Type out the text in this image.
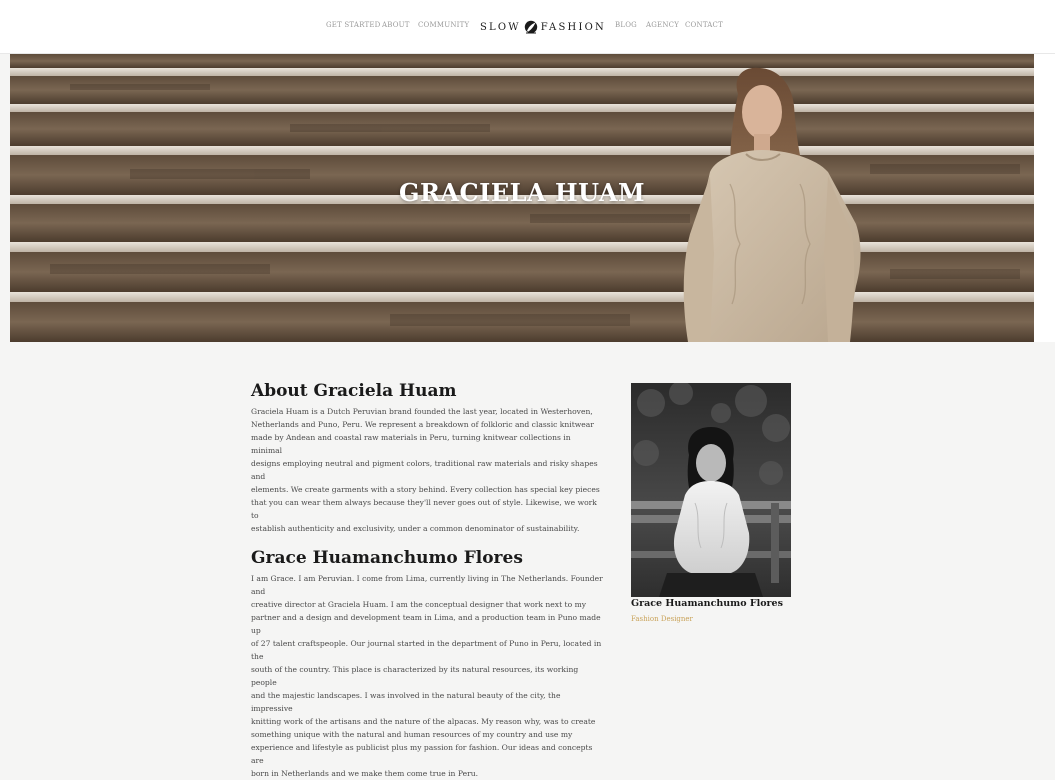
GET STARTED ABOUT COMMUNITY SLOW FASHION BLOG AGENCY CONTACT
GRACIELA HUAM
About Graciela Huam
Graciela Huam is a Dutch Peruvian brand founded the last year, located in Westerhoven,
Netherlands and Puno, Peru. We represent a breakdown of folkloric and classic knitwear
made by Andean and coastal raw materials in Peru, turning knitwear collections in minimal
designs employing neutral and pigment colors, traditional raw materials and risky shapes and
elements. We create garments with a story behind. Every collection has special key pieces
that you can wear them always because they'll never goes out of style. Likewise, we work to
establish authenticity and exclusivity, under a common denominator of sustainability.
Grace Huamanchumo Flores
I am Grace. I am Peruvian. I come from Lima, currently living in The Netherlands. Founder and
creative director at Graciela Huam. I am the conceptual designer that work next to my
partner and a design and development team in Lima, and a production team in Puno made up
of 27 talent craftspeople. Our journal started in the department of Puno in Peru, located in the
south of the country. This place is characterized by its natural resources, its working people
and the majestic landscapes. I was involved in the natural beauty of the city, the impressive
knitting work of the artisans and the nature of the alpacas. My reason why, was to create
something unique with the natural and human resources of my country and use my
experience and lifestyle as publicist plus my passion for fashion. Our ideas and concepts are
born in Netherlands and we make them come true in Peru.
Grace Huamanchumo Flores
Fashion Designer
